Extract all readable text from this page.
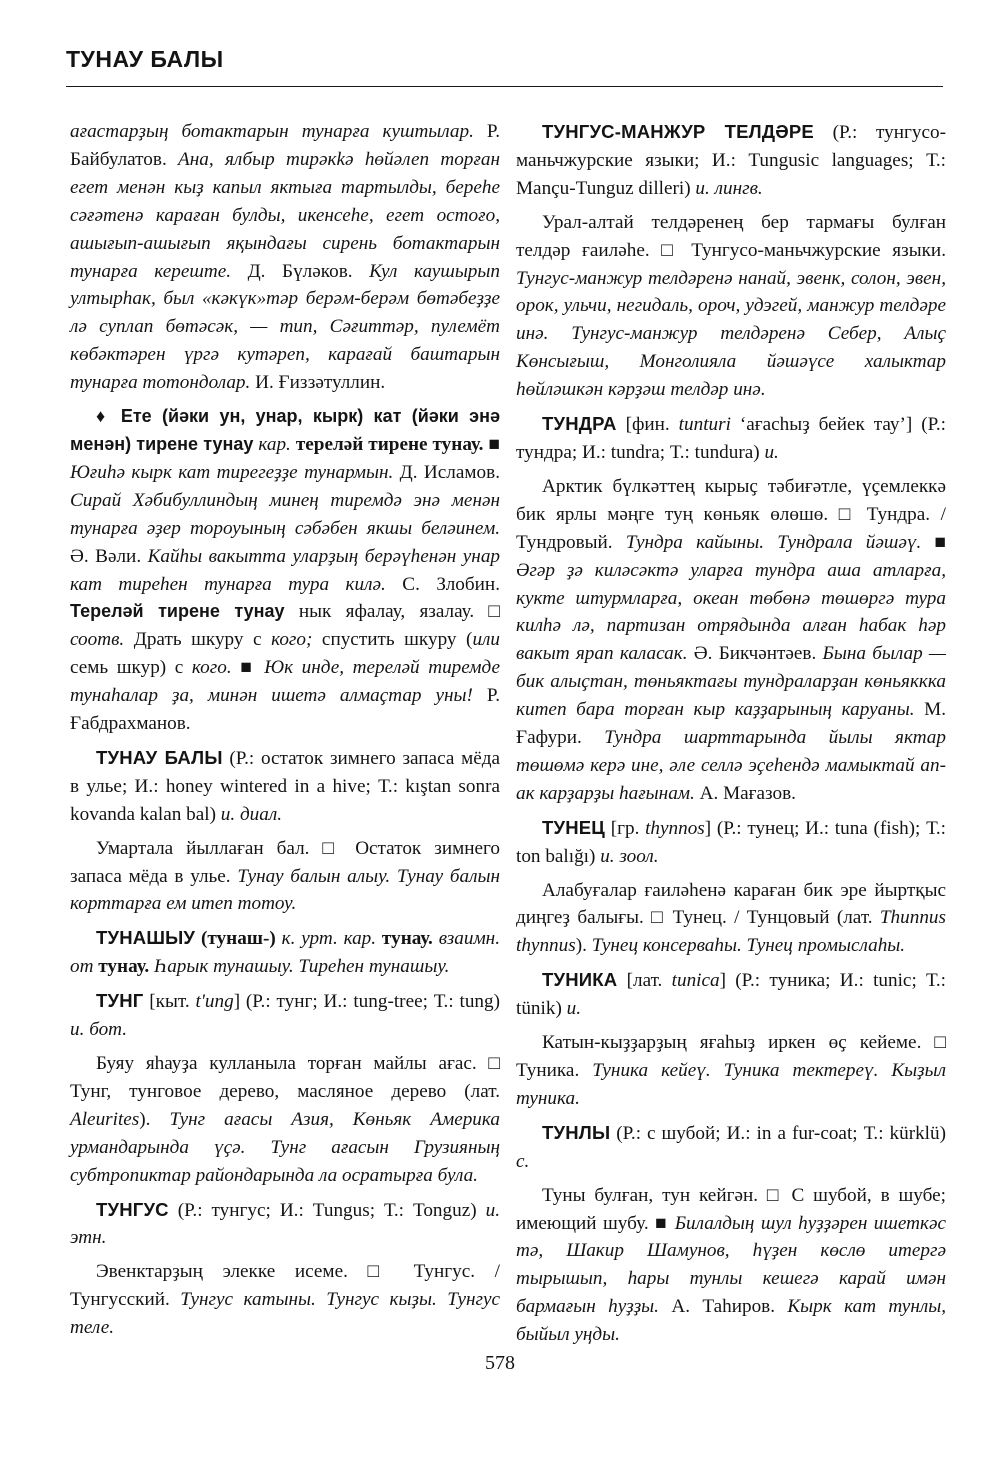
ТУНАУ БАЛЫ

ағастарҙың ботактарын тунарға куштылар. Р. Байбулатов. Ана, ялбыр тирәкkә һөйәлеп торған егет менән кыҙ капыл яктыға тартылды, береһе сәғәтенә караған булды, икенсеһе, егет остоғо, ашығып-ашығып яқындағы сирень ботактарын тунарға кереште. Д. Бүләков. Кул каушырып ултырһак, был «кәкүк»тәр берәм-берәм бөтәбеҙҙе лә суплап бөтәсәк, — тип, Сәғиттәр, пулемёт көбәктәрен үргә кутәреп, карағай баштарын тунарға тотондолар. И. Ғиззәтуллин.

♦ Ете (йәки ун, унар, кырк) кат (йәки энә менән) тирене тунау кар. терeләй тирене тунау. ■ Юғиһә кырк кат тирегеҙҙе тунармын. Д. Исламов. Сирай Хәбибуллиндың минең тиремдә энә менән тунарға әҙер тороуының сәбәбен якшы беләинем. Ә. Вәли. Кайһы вакытта уларҙың берәүһенән унар кат тиреһен тунарға тура килә. С. Злобин. Терeләй тирене тунау нык яфалау, язалау. □ соотв. Драть шкуру с кого; спустить шкуру (или семь шкур) с кого. ■ Юк инде, терeләй тиремде тунаһалар ҙа, минән ишетә алмаҫтар уны! Р. Ғабдрахманов.

ТУНАУ БАЛЫ (Р.: остаток зимнего запаса мёда в улье; И.: honey wintered in a hive; Т.: kıştan sonra kovanda kalan bal) и. диал.

Умартала йыллаған бал. □ Остаток зимнего запаса мёда в улье. Тунау балын алыу. Тунау балын корттарға ем итеп тотоу.

ТУНАШЫУ (тунаш-) к. урт. кар. тунау. взаимн. от тунау. Һарык тунашыу. Тиреһен тунашыу.

ТУНГ [кыт. t'ung] (Р.: тунг; И.: tung-tree; Т.: tung) и. бот.

Буяу яһауҙа кулланыла торған майлы ағас. □ Тунг, тунговое дерево, масляное дерево (лат. Aleurites). Тунг ағасы Азия, Көньяк Америка урмандарында үҫә. Тунг ағасын Грузияның субтропиктар райондарында ла осратырға була.

ТУНГУС (Р.: тунгус; И.: Tungus; Т.: Tonguz) и. этн.

Эвенктарҙың элекке исеме. □ Тунгус. / Тунгусский. Тунгус катыны. Тунгус кыҙы. Тунгус теле.

ТУНГУС-МАНЖУР ТЕЛДӘРЕ (Р.: тунгусо-маньчжурские языки; И.: Tungusic languages; Т.: Mançu-Tunguz dilleri) и. лингв.

Урал-алтай телдәренең бер тармағы булған телдәр ғаиләһе. □ Тунгусо-маньчжурские языки. Тунгус-манжур телдәренә нанай, эвенк, солон, эвен, орок, ульчи, негидаль, ороч, удэгей, манжур телдәре инә. Тунгус-манжур телдәренә Себер, Алыҫ Көнсығыш, Монголияла йәшәүсе халыктар һөйләшкән кәрҙәш телдәр инә.

ТУНДРА [фин. tunturi ‘ағасһыҙ бейек тау’] (Р.: тундра; И.: tundra; Т.: tundura) и.

Арктик бүлкәттең кырыҫ тәбиғәтле, үҫемлеккә бик ярлы мәңге туң көньяк өлөшө. □ Тундра. / Тундровый. Тундра кайыны. Тундрала йәшәү. ■ Әгәр ҙә киләсәктә уларға тундра аша атларға, кукте штурмларға, океан төбөнә төшөргә тура килһә лә, партизан отрядында алған һабак һәр вакыт ярап каласак. Ә. Бикчәнтәев. Бына былар — бик алыҫтан, төньяктағы тундраларҙан көньяккка китеп бара торған кыр каҙҙарының каруаны. М. Ғафури. Тундра шарттарында йылы яктар төшөмә керә ине, әле селлә эҫеһендә мамыктай ап-ак карҙарҙы һағынам. А. Мағазов.

ТУНЕЦ [гр. thynnos] (Р.: тунец; И.: tuna (fish); Т.: ton balığı) и. зоол.

Алабуғалар ғаиләһенә караған бик эре йыртқыс диңгеҙ балығы. □ Тунец. / Тунцовый (лат. Thunnus thynnus). Тунец консерваһы. Тунец промыслаһы.

ТУНИКА [лат. tunica] (Р.: туника; И.: tunic; Т.: tünik) и.

Катын-кыҙҙарҙың яғаһыҙ иркен өҫ кейеме. □ Туника. Туника кейеү. Туника тектереү. Кыҙыл туника.

ТУНЛЫ (Р.: с шубой; И.: in a fur-coat; Т.: kürklü) с.

Туны булған, тун кейгән. □ С шубой, в шубе; имеющий шубу. ■ Билалдың шул һуҙҙәрен ишеткәс тә, Шакир Шамунов, һүҙен көслө итергә тырышып, һары тунлы кешегә карай имән бармағын һуҙҙы. А. Таһиров. Кырк кат тунлы, быйыл уңды.

578
